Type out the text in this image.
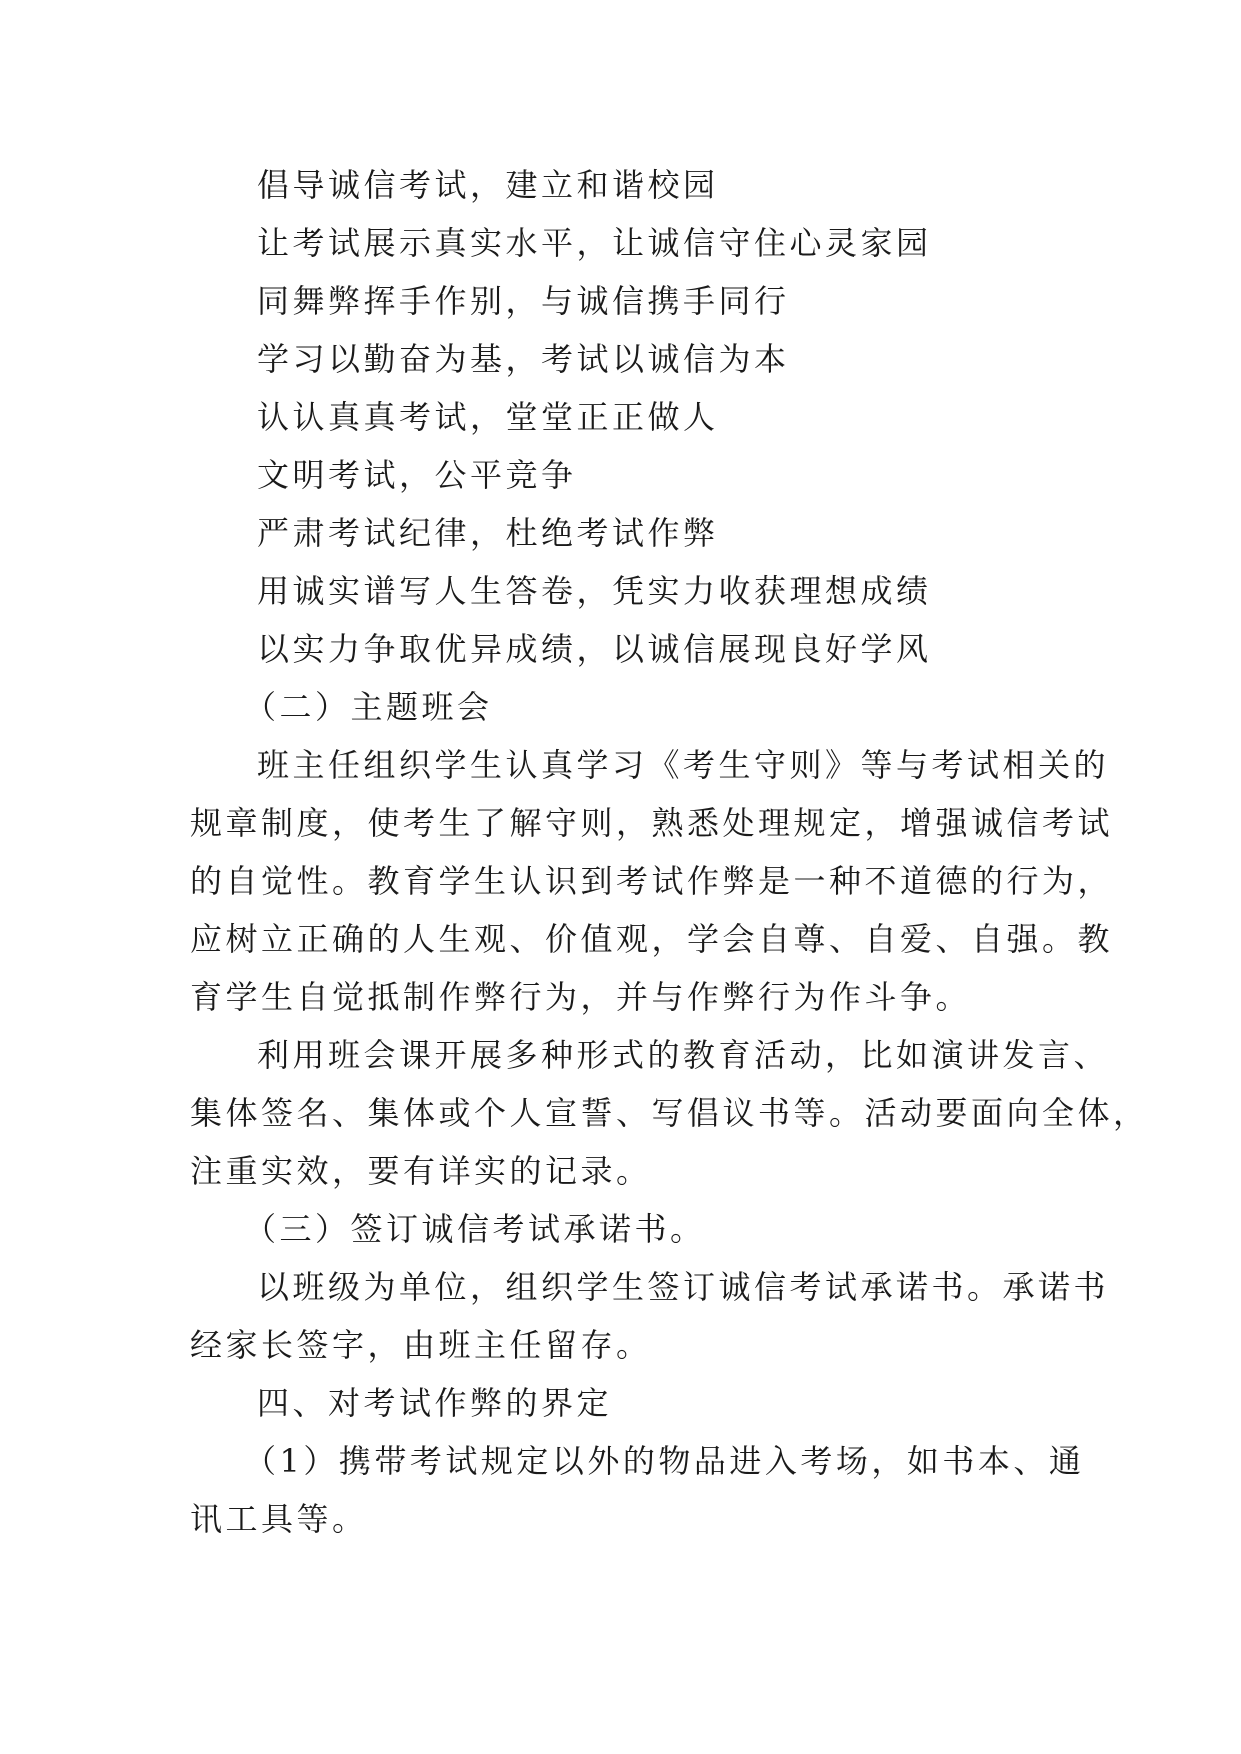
倡导诚信考试，建立和谐校园
让考试展示真实水平，让诚信守住心灵家园
同舞弊挥手作别，与诚信携手同行
学习以勤奋为基，考试以诚信为本
认认真真考试，堂堂正正做人
文明考试，公平竞争
严肃考试纪律，杜绝考试作弊
用诚实谱写人生答卷，凭实力收获理想成绩
以实力争取优异成绩，以诚信展现良好学风
（二）主题班会
班主任组织学生认真学习《考生守则》等与考试相关的
规章制度，使考生了解守则，熟悉处理规定，增强诚信考试
的自觉性。教育学生认识到考试作弊是一种不道德的行为，
应树立正确的人生观、价值观，学会自尊、自爱、自强。教
育学生自觉抵制作弊行为，并与作弊行为作斗争。
利用班会课开展多种形式的教育活动，比如演讲发言、
集体签名、集体或个人宣誓、写倡议书等。活动要面向全体，
注重实效，要有详实的记录。
（三）签订诚信考试承诺书。
以班级为单位，组织学生签订诚信考试承诺书。承诺书
经家长签字，由班主任留存。
四、对考试作弊的界定
（1）携带考试规定以外的物品进入考场，如书本、通
讯工具等。
